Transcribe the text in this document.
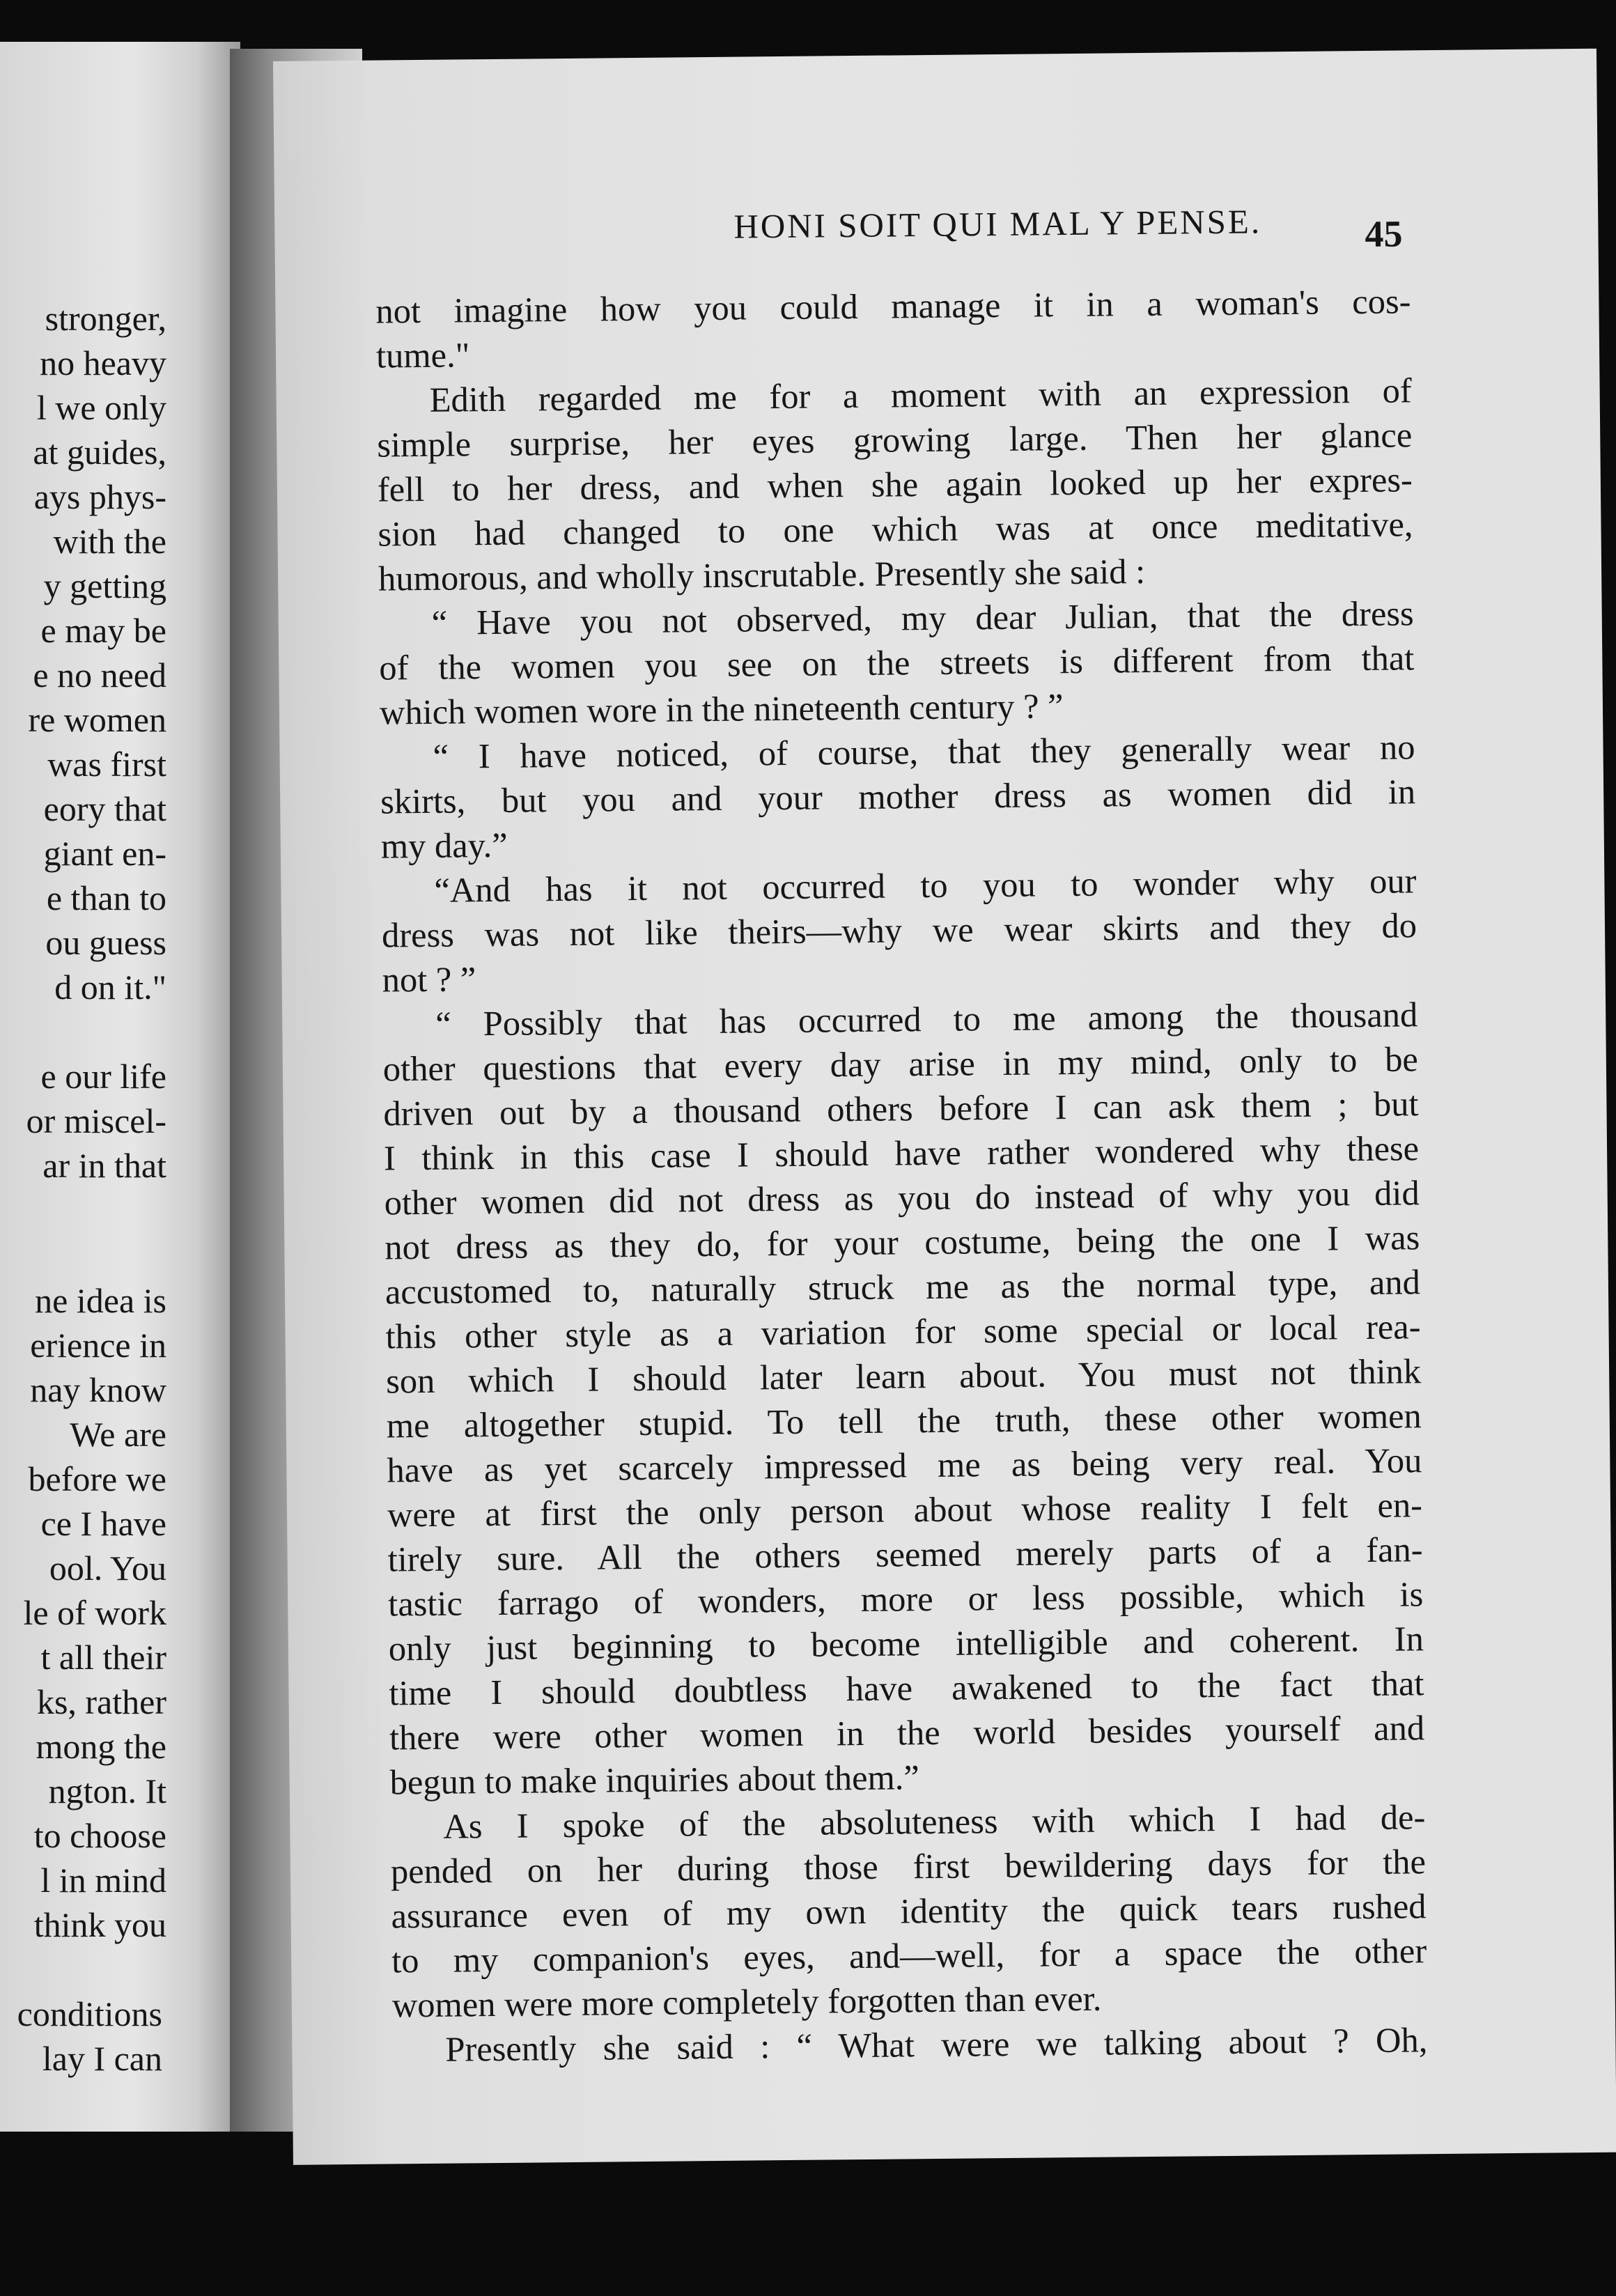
stronger,
no heavy
l we only
at guides,
ays phys-
with the
y getting
e may be
e no need
re women
was first
eory that
giant en-
e than to
ou guess
d on it."
e our life
or miscel-
ar in that
ne idea is
erience in
nay know
We are
before we
ce I have
ool. You
le of work
t all their
ks, rather
mong the
ngton. It
to choose
l in mind
think you
conditions
lay I can
HONI SOIT QUI MAL Y PENSE.	45
not imagine how you could manage it in a woman's cos-
tume."
Edith regarded me for a moment with an expression of
simple surprise, her eyes growing large. Then her glance
fell to her dress, and when she again looked up her expres-
sion had changed to one which was at once meditative,
humorous, and wholly inscrutable. Presently she said :
“ Have you not observed, my dear Julian, that the dress
of the women you see on the streets is different from that
which women wore in the nineteenth century ? ”
“ I have noticed, of course, that they generally wear no
skirts, but you and your mother dress as women did in
my day.”
“And has it not occurred to you to wonder why our
dress was not like theirs—why we wear skirts and they do
not ? ”
“ Possibly that has occurred to me among the thousand
other questions that every day arise in my mind, only to be
driven out by a thousand others before I can ask them ; but
I think in this case I should have rather wondered why these
other women did not dress as you do instead of why you did
not dress as they do, for your costume, being the one I was
accustomed to, naturally struck me as the normal type, and
this other style as a variation for some special or local rea-
son which I should later learn about. You must not think
me altogether stupid. To tell the truth, these other women
have as yet scarcely impressed me as being very real. You
were at first the only person about whose reality I felt en-
tirely sure. All the others seemed merely parts of a fan-
tastic farrago of wonders, more or less possible, which is
only just beginning to become intelligible and coherent. In
time I should doubtless have awakened to the fact that
there were other women in the world besides yourself and
begun to make inquiries about them.”
As I spoke of the absoluteness with which I had de-
pended on her during those first bewildering days for the
assurance even of my own identity the quick tears rushed
to my companion's eyes, and—well, for a space the other
women were more completely forgotten than ever.
Presently she said : “ What were we talking about ? Oh,
